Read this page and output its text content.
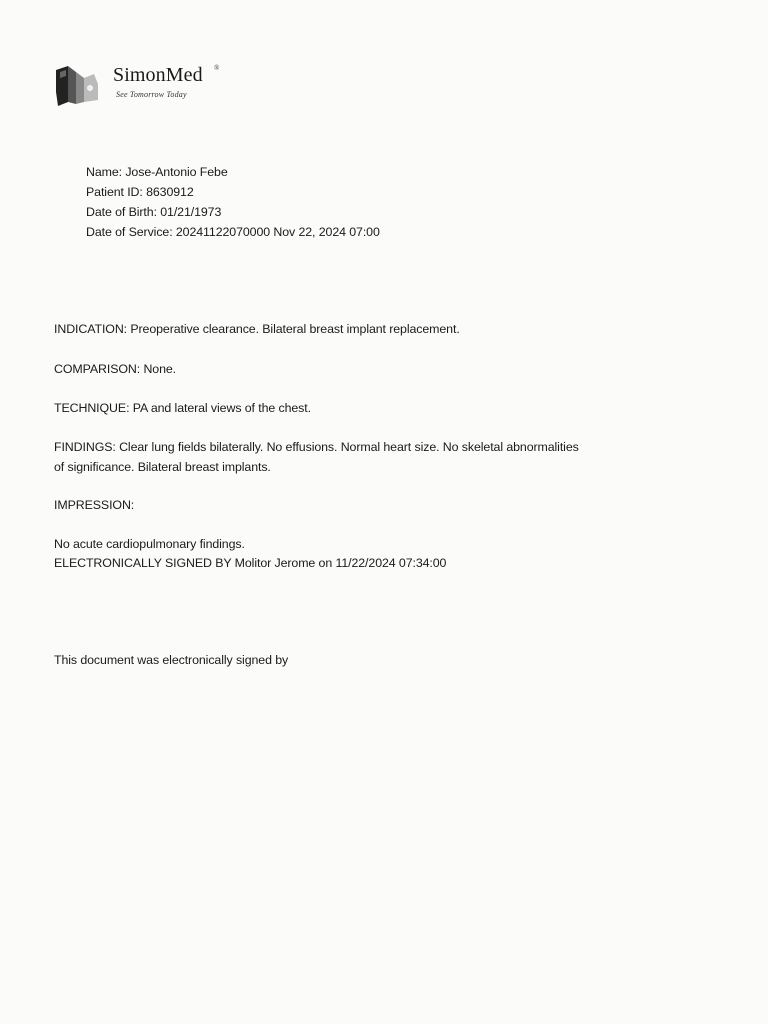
SimonMed ®
See Tomorrow Today
Name: Jose-Antonio Febe
Patient ID: 8630912
Date of Birth: 01/21/1973
Date of Service: 20241122070000 Nov 22, 2024 07:00
INDICATION: Preoperative clearance. Bilateral breast implant replacement.
COMPARISON: None.
TECHNIQUE: PA and lateral views of the chest.
FINDINGS: Clear lung fields bilaterally. No effusions. Normal heart size. No skeletal abnormalities
of significance. Bilateral breast implants.
IMPRESSION:
No acute cardiopulmonary findings.
ELECTRONICALLY SIGNED BY Molitor Jerome on 11/22/2024 07:34:00
This document was electronically signed by
